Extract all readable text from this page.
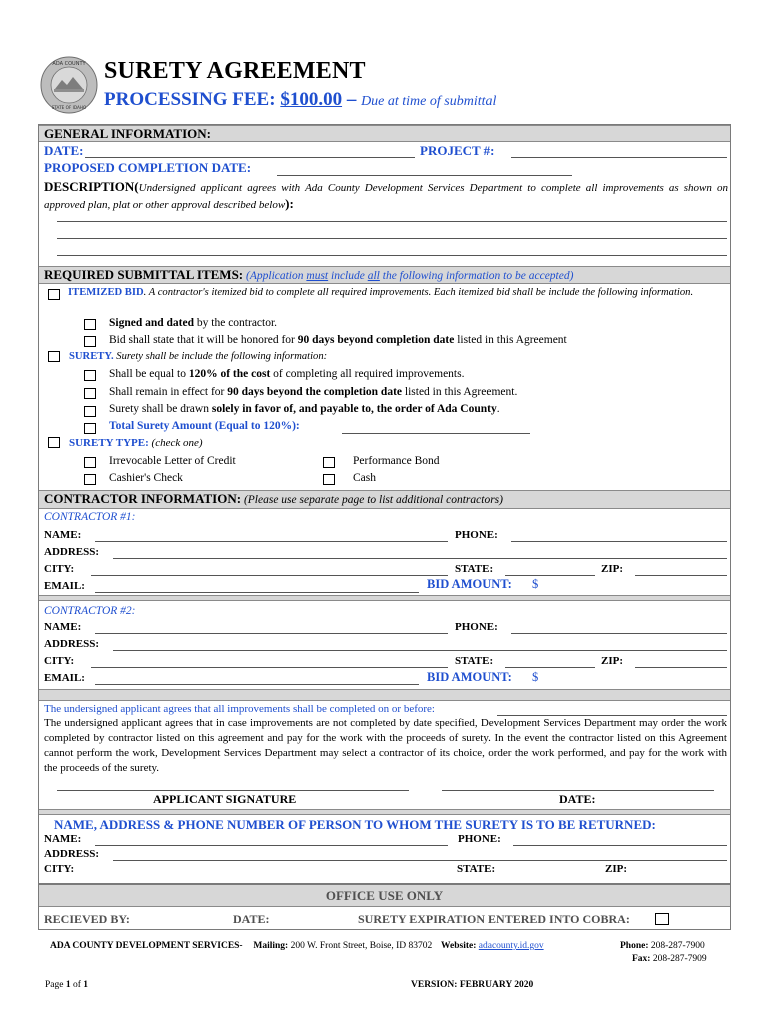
ADA COUNTY
STATE OF IDAHO
SURETY AGREEMENT
PROCESSING FEE: $100.00 – Due at time of submittal
GENERAL INFORMATION:
DATE:	PROJECT #:
PROPOSED COMPLETION DATE:
DESCRIPTION(Undersigned applicant agrees with Ada County Development Services Department to complete all improvements as shown on approved plan, plat or other approval described below):
REQUIRED SUBMITTAL ITEMS: (Application must include all the following information to be accepted)
ITEMIZED BID. A contractor's itemized bid to complete all required improvements. Each itemized bid shall be include the following information.
Signed and dated by the contractor.
Bid shall state that it will be honored for 90 days beyond completion date listed in this Agreement
SURETY. Surety shall be include the following information:
Shall be equal to 120% of the cost of completing all required improvements.
Shall remain in effect for 90 days beyond the completion date listed in this Agreement.
Surety shall be drawn solely in favor of, and payable to, the order of Ada County.
Total Surety Amount (Equal to 120%):
SURETY TYPE: (check one)
Irrevocable Letter of Credit	Performance Bond
Cashier's Check	Cash
CONTRACTOR INFORMATION: (Please use separate page to list additional contractors)
CONTRACTOR #1:
NAME:	PHONE:
ADDRESS:
CITY:	STATE:	ZIP:
EMAIL:	BID AMOUNT: $
CONTRACTOR #2:
NAME:	PHONE:
ADDRESS:
CITY:	STATE:	ZIP:
EMAIL:	BID AMOUNT: $
The undersigned applicant agrees that all improvements shall be completed on or before:
The undersigned applicant agrees that in case improvements are not completed by date specified, Development Services Department may order the work completed by contractor listed on this agreement and pay for the work with the proceeds of surety. In the event the contractor listed on this Agreement cannot perform the work, Development Services Department may select a contractor of its choice, order the work performed, and pay for the work with the proceeds of the surety.
APPLICANT SIGNATURE	DATE:
NAME, ADDRESS & PHONE NUMBER OF PERSON TO WHOM THE SURETY IS TO BE RETURNED:
NAME:	PHONE:
ADDRESS:
CITY:	STATE:	ZIP:
OFFICE USE ONLY
RECIEVED BY:	DATE:	SURETY EXPIRATION ENTERED INTO COBRA:
ADA COUNTY DEVELOPMENT SERVICES- Mailing: 200 W. Front Street, Boise, ID 83702 Website: adacounty.id.gov	Phone: 208-287-7900
Fax: 208-287-7909
Page 1 of 1	VERSION: FEBRUARY 2020
